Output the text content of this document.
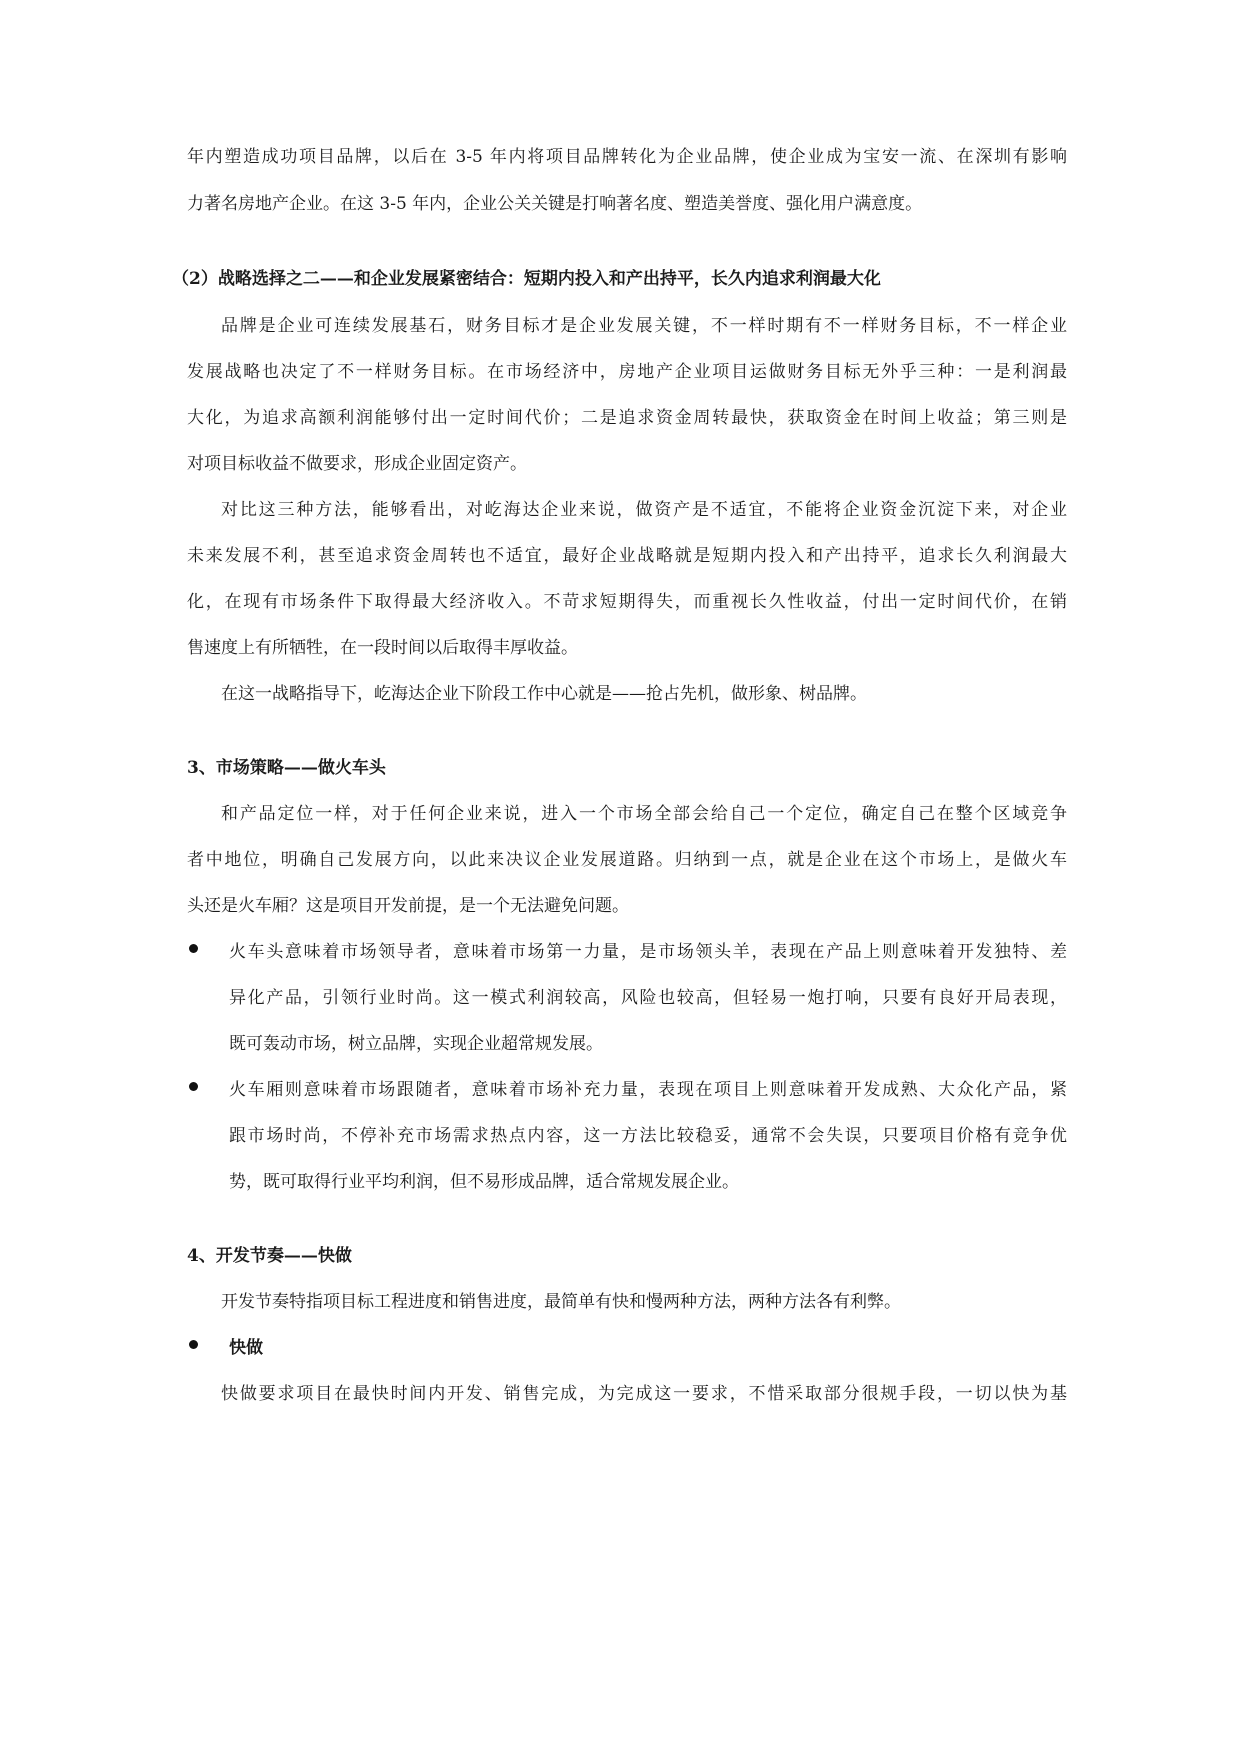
年内塑造成功项目品牌，以后在 3-5 年内将项目品牌转化为企业品牌，使企业成为宝安一流、在深圳有影响
力著名房地产企业。在这 3-5 年内，企业公关关键是打响著名度、塑造美誉度、强化用户满意度。
（2）战略选择之二——和企业发展紧密结合：短期内投入和产出持平，长久内追求利润最大化
品牌是企业可连续发展基石，财务目标才是企业发展关键，不一样时期有不一样财务目标，不一样企业
发展战略也决定了不一样财务目标。在市场经济中，房地产企业项目运做财务目标无外乎三种：一是利润最
大化，为追求高额利润能够付出一定时间代价；二是追求资金周转最快，获取资金在时间上收益；第三则是
对项目标收益不做要求，形成企业固定资产。
对比这三种方法，能够看出，对屹海达企业来说，做资产是不适宜，不能将企业资金沉淀下来，对企业
未来发展不利，甚至追求资金周转也不适宜，最好企业战略就是短期内投入和产出持平，追求长久利润最大
化，在现有市场条件下取得最大经济收入。不苛求短期得失，而重视长久性收益，付出一定时间代价，在销
售速度上有所牺牲，在一段时间以后取得丰厚收益。
在这一战略指导下，屹海达企业下阶段工作中心就是——抢占先机，做形象、树品牌。
3、市场策略——做火车头
和产品定位一样，对于任何企业来说，进入一个市场全部会给自己一个定位，确定自己在整个区域竞争
者中地位，明确自己发展方向，以此来决议企业发展道路。归纳到一点，就是企业在这个市场上，是做火车
头还是火车厢？这是项目开发前提，是一个无法避免问题。
火车头意味着市场领导者，意味着市场第一力量，是市场领头羊，表现在产品上则意味着开发独特、差
异化产品，引领行业时尚。这一模式利润较高，风险也较高，但轻易一炮打响，只要有良好开局表现，
既可轰动市场，树立品牌，实现企业超常规发展。
火车厢则意味着市场跟随者，意味着市场补充力量，表现在项目上则意味着开发成熟、大众化产品，紧
跟市场时尚，不停补充市场需求热点内容，这一方法比较稳妥，通常不会失误，只要项目价格有竞争优
势，既可取得行业平均利润，但不易形成品牌，适合常规发展企业。
4、开发节奏——快做
开发节奏特指项目标工程进度和销售进度，最简单有快和慢两种方法，两种方法各有利弊。
快做
快做要求项目在最快时间内开发、销售完成，为完成这一要求，不惜采取部分很规手段，一切以快为基
